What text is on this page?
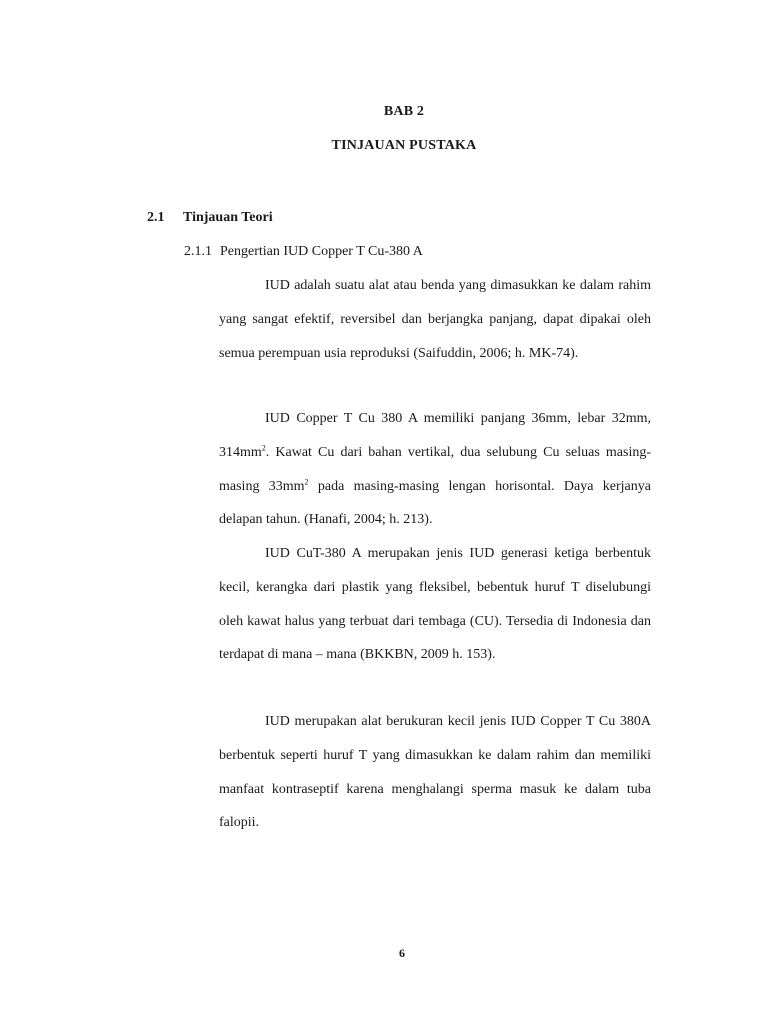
BAB 2
TINJAUAN PUSTAKA
2.1 Tinjauan Teori
2.1.1 Pengertian IUD Copper T Cu-380 A

IUD adalah suatu alat atau benda yang dimasukkan ke dalam rahim yang sangat efektif, reversibel dan berjangka panjang, dapat dipakai oleh semua perempuan usia reproduksi (Saifuddin, 2006; h. MK-74).

IUD Copper T Cu 380 A memiliki panjang 36mm, lebar 32mm, $314mm^2$. Kawat Cu dari bahan vertikal, dua selubung Cu seluas masing- masing $33mm^2$ pada masing-masing lengan horisontal. Daya kerjanya delapan tahun. (Hanafi, 2004; h. 213).

IUD CuT-380 A merupakan jenis IUD generasi ketiga berbentuk kecil, kerangka dari plastik yang fleksibel, bebentuk huruf T diselubungi oleh kawat halus yang terbuat dari tembaga (CU). Tersedia di Indonesia dan terdapat di mana – mana (BKKBN, 2009 h. 153).

IUD merupakan alat berukuran kecil jenis IUD Copper T Cu 380A berbentuk seperti huruf T yang dimasukkan ke dalam rahim dan memiliki manfaat kontraseptif karena menghalangi sperma masuk ke dalam tuba falopii.

6
